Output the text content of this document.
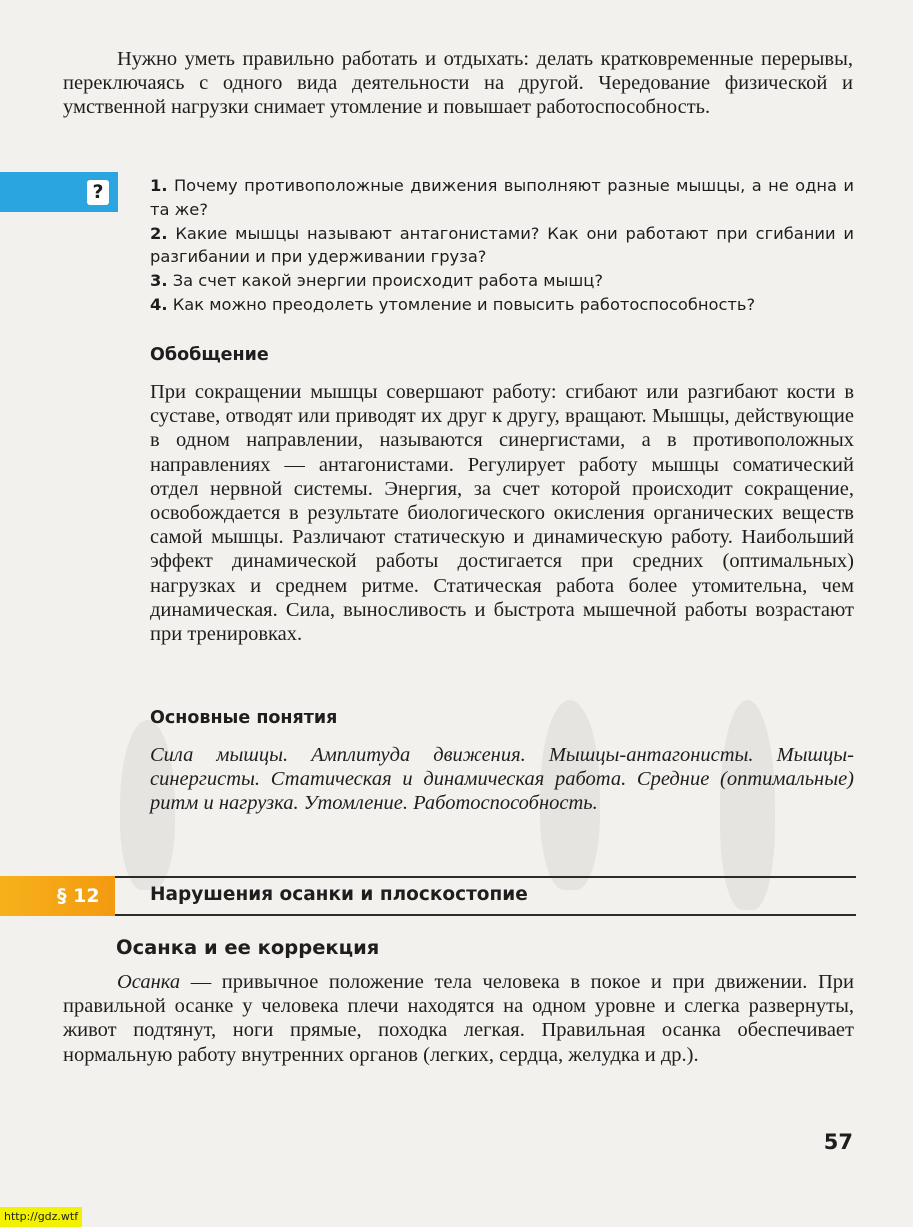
Нужно уметь правильно работать и отдыхать: делать кратковременные перерывы, переключаясь с одного вида деятельности на другой. Чередование физической и умственной нагрузки снимает утомление и повышает работоспособность.

?	1. Почему противоположные движения выполняют разные мышцы, а не одна и та же?
2. Какие мышцы называют антагонистами? Как они работают при сгибании и разгибании и при удерживании груза?
3. За счет какой энергии происходит работа мышц?
4. Как можно преодолеть утомление и повысить работоспособность?
Обобщение

При сокращении мышцы совершают работу: сгибают или разгибают кости в суставе, отводят или приводят их друг к другу, вращают. Мышцы, действующие в одном направлении, называются синергистами, а в противоположных направлениях — антагонистами. Регулирует работу мышцы соматический отдел нервной системы. Энергия, за счет которой происходит сокращение, освобождается в результате биологического окисления органических веществ самой мышцы. Различают статическую и динамическую работу. Наибольший эффект динамической работы достигается при средних (оптимальных) нагрузках и среднем ритме. Статическая работа более утомительна, чем динамическая. Сила, выносливость и быстрота мышечной работы возрастают при тренировках.

Основные понятия

Сила мышцы. Амплитуда движения. Мышцы-антагонисты. Мышцы-синергисты. Статическая и динамическая работа. Средние (оптимальные) ритм и нагрузка. Утомление. Работоспособность.

§ 12	Нарушения осанки и плоскостопие
Осанка и ее коррекция

Осанка — привычное положение тела человека в покое и при движении. При правильной осанке у человека плечи находятся на одном уровне и слегка развернуты, живот подтянут, ноги прямые, походка легкая. Правильная осанка обеспечивает нормальную работу внутренних органов (легких, сердца, желудка и др.).

57
http://gdz.wtf
